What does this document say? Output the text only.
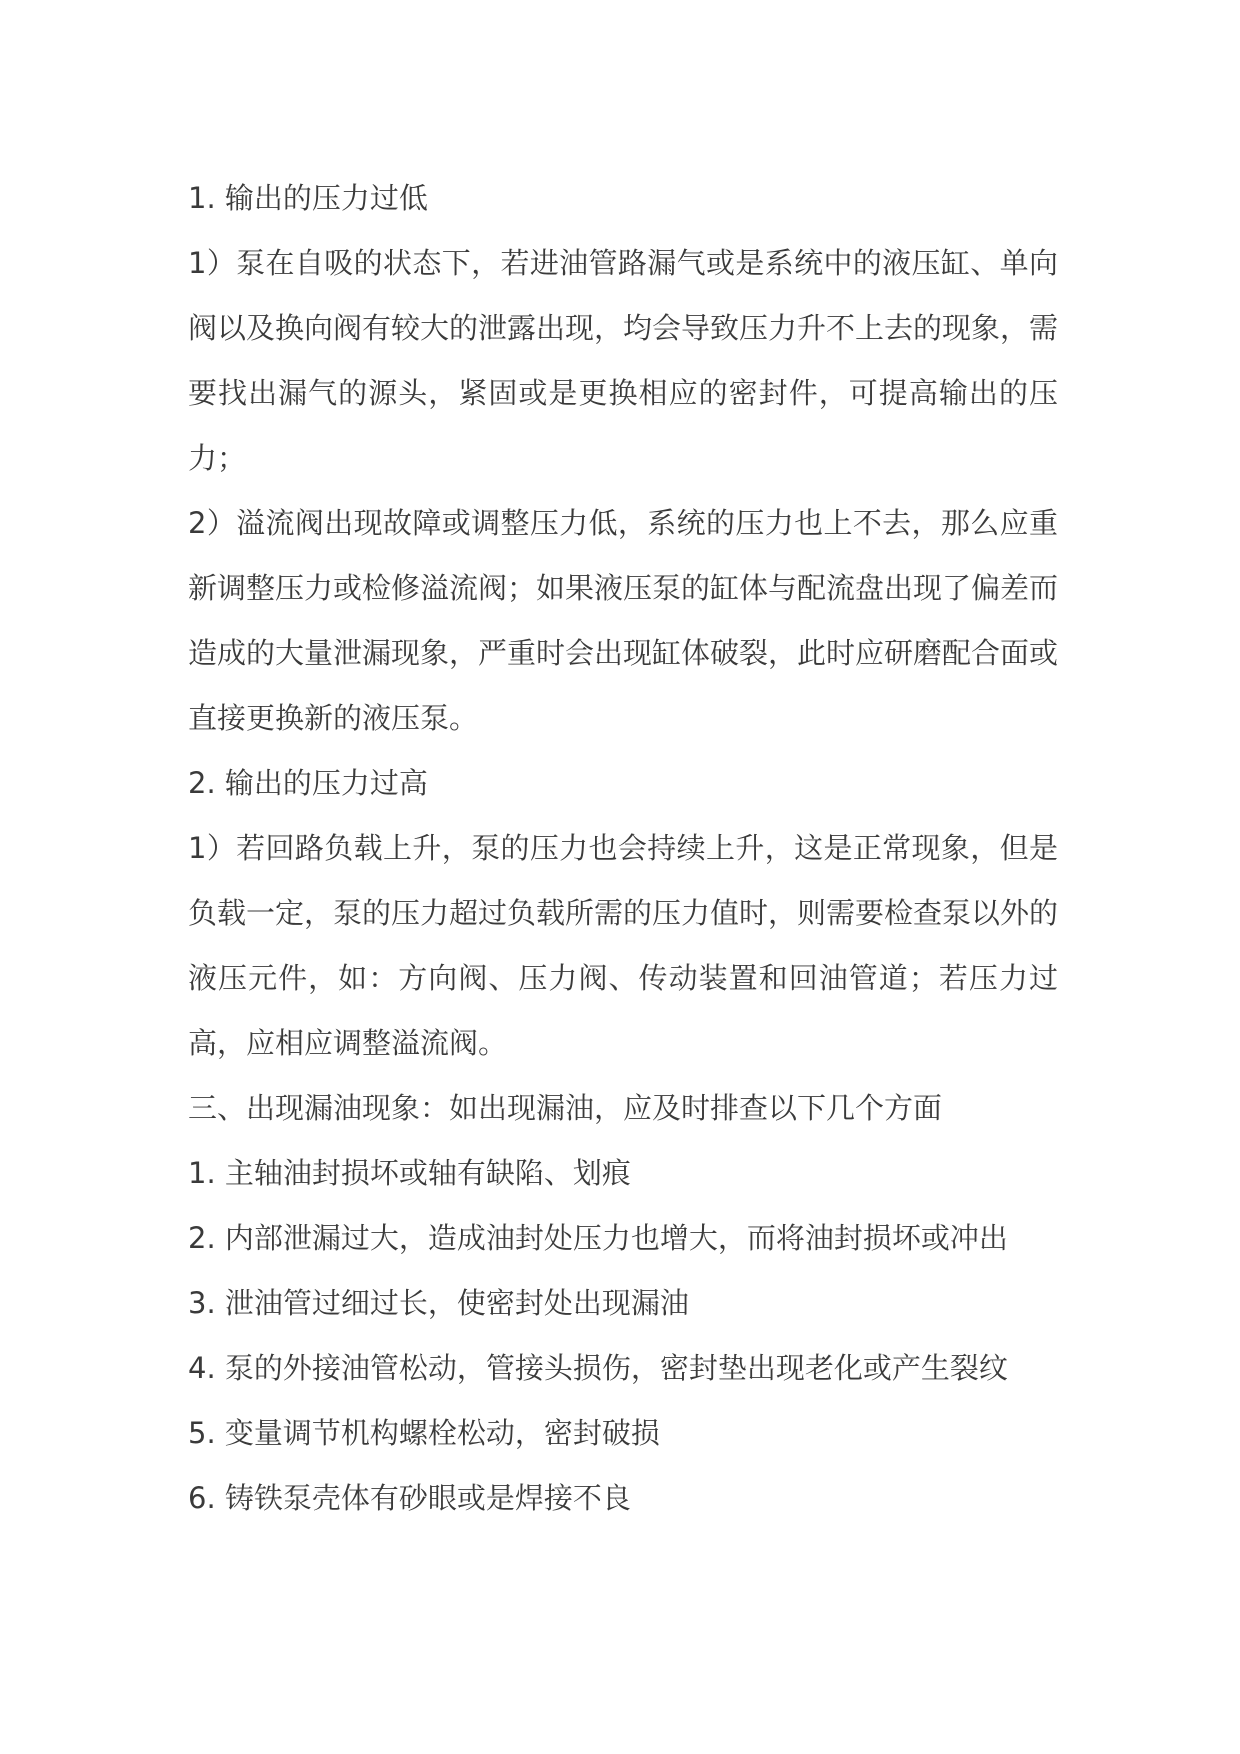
1. 输出的压力过低

1）泵在自吸的状态下，若进油管路漏气或是系统中的液压缸、单向阀以及换向阀有较大的泄露出现，均会导致压力升不上去的现象，需要找出漏气的源头，紧固或是更换相应的密封件，可提高输出的压力；

2）溢流阀出现故障或调整压力低，系统的压力也上不去，那么应重新调整压力或检修溢流阀；如果液压泵的缸体与配流盘出现了偏差而造成的大量泄漏现象，严重时会出现缸体破裂，此时应研磨配合面或直接更换新的液压泵。

2. 输出的压力过高

1）若回路负载上升，泵的压力也会持续上升，这是正常现象，但是负载一定，泵的压力超过负载所需的压力值时，则需要检查泵以外的液压元件，如：方向阀、压力阀、传动装置和回油管道；若压力过高，应相应调整溢流阀。

三、出现漏油现象：如出现漏油，应及时排查以下几个方面

1. 主轴油封损坏或轴有缺陷、划痕

2. 内部泄漏过大，造成油封处压力也增大，而将油封损坏或冲出

3. 泄油管过细过长，使密封处出现漏油

4. 泵的外接油管松动，管接头损伤，密封垫出现老化或产生裂纹

5. 变量调节机构螺栓松动，密封破损

6. 铸铁泵壳体有砂眼或是焊接不良
